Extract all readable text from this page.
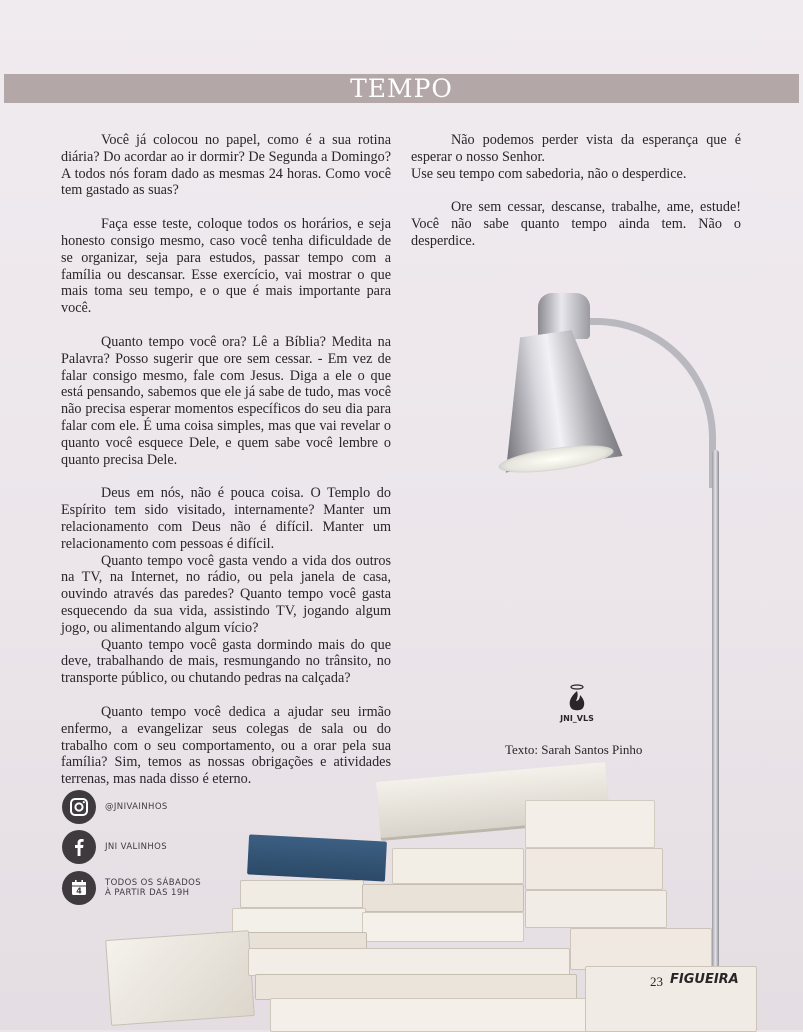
TEMPO

Você já colocou no papel, como é a sua rotina diária? Do acordar ao ir dormir? De Segunda a Domingo? A todos nós foram dado as mesmas 24 horas. Como você tem gastado as suas?

Faça esse teste, coloque todos os horários, e seja honesto consigo mesmo, caso você tenha dificuldade de se organizar, seja para estudos, passar tempo com a família ou descansar. Esse exercício, vai mostrar o que mais toma seu tempo, e o que é mais importante para você.

Quanto tempo você ora? Lê a Bíblia? Medita na Palavra? Posso sugerir que ore sem cessar. - Em vez de falar consigo mesmo, fale com Jesus. Diga a ele o que está pensando, sabemos que ele já sabe de tudo, mas você não precisa esperar momentos específicos do seu dia para falar com ele. É uma coisa simples, mas que vai revelar o quanto você esquece Dele, e quem sabe você lembre o quanto precisa Dele.

Deus em nós, não é pouca coisa. O Templo do Espírito tem sido visitado, internamente? Manter um relacionamento com Deus não é difícil. Manter um relacionamento com pessoas é difícil.

Quanto tempo você gasta vendo a vida dos outros na TV, na Internet, no rádio, ou pela janela de casa, ouvindo através das paredes? Quanto tempo você gasta esquecendo da sua vida, assistindo TV, jogando algum jogo, ou alimentando algum vício?

Quanto tempo você gasta dormindo mais do que deve, trabalhando de mais, resmungando no trânsito, no transporte público, ou chutando pedras na calçada?

Quanto tempo você dedica a ajudar seu irmão enfermo, a evangelizar seus colegas de sala ou do trabalho com o seu comportamento, ou a orar pela sua família? Sim, temos as nossas obrigações e atividades terrenas, mas nada disso é eterno.

Não podemos perder vista da esperança que é esperar o nosso Senhor.

Use seu tempo com sabedoria, não o desperdice.

Ore sem cessar, descanse, trabalhe, ame, estude! Você não sabe quanto tempo ainda tem. Não o desperdice.

JNI_VLS
Texto: Sarah Santos Pinho
@JNIVAINHOS
JNI VALINHOS
4
TODOS OS SÁBADOS
À PARTIR DAS 19H
23 FIGUEIRA
